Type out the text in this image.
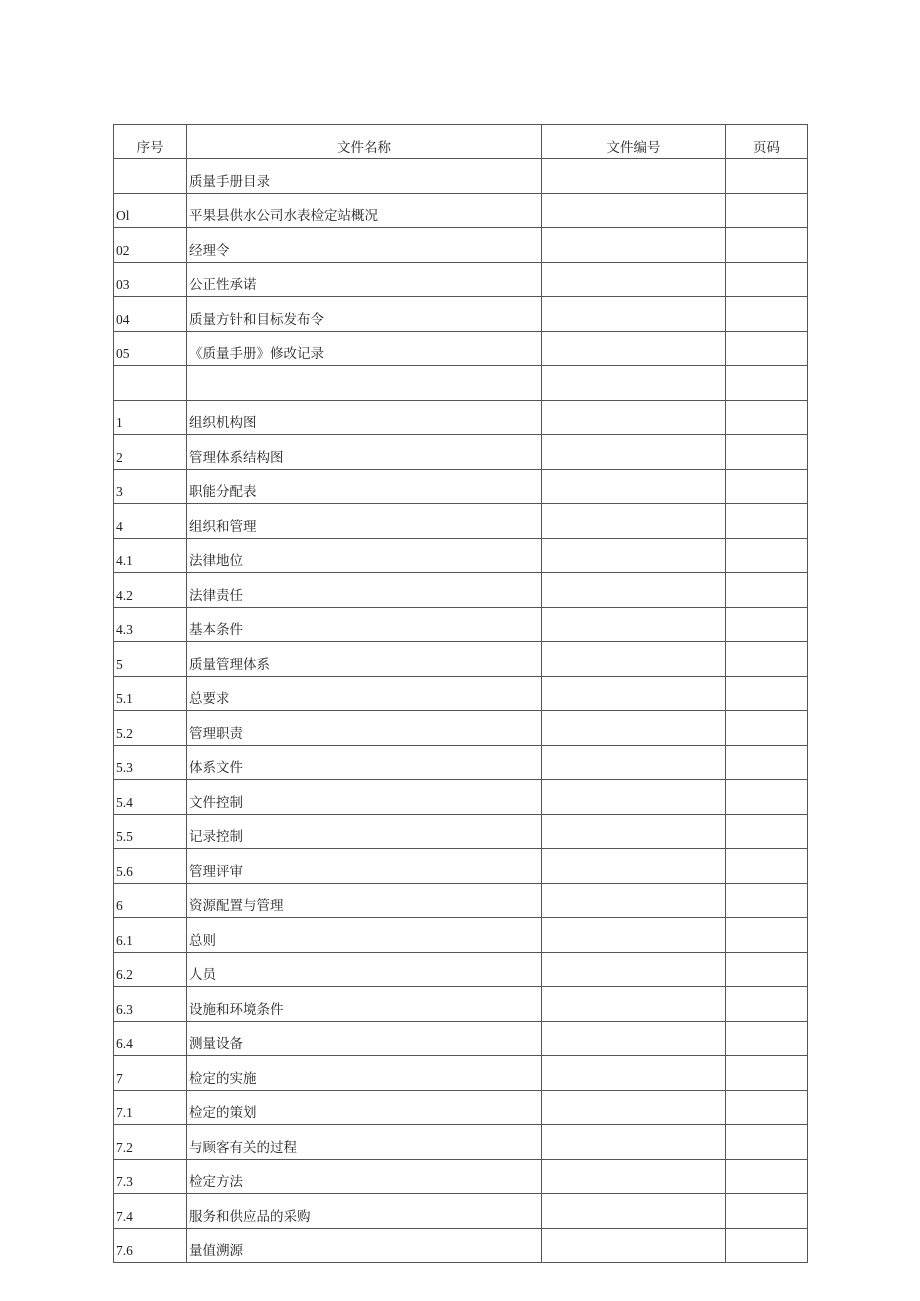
序号	文件名称	文件编号	页码
	质量手册目录		
Ol	平果县供水公司水表检定站概况		
02	经理令		
03	公正性承诺		
04	质量方针和目标发布令		
05	《质量手册》修改记录		

1	组织机构图		
2	管理体系结构图		
3	职能分配表		
4	组织和管理		
4.1	法律地位		
4.2	法律责任		
4.3	基本条件		
5	质量管理体系		
5.1	总要求		
5.2	管理职责		
5.3	体系文件		
5.4	文件控制		
5.5	记录控制		
5.6	管理评审		
6	资源配置与管理		
6.1	总则		
6.2	人员		
6.3	设施和环境条件		
6.4	测量设备		
7	检定的实施		
7.1	检定的策划		
7.2	与顾客有关的过程		
7.3	检定方法		
7.4	服务和供应品的采购		
7.6	量值溯源		
